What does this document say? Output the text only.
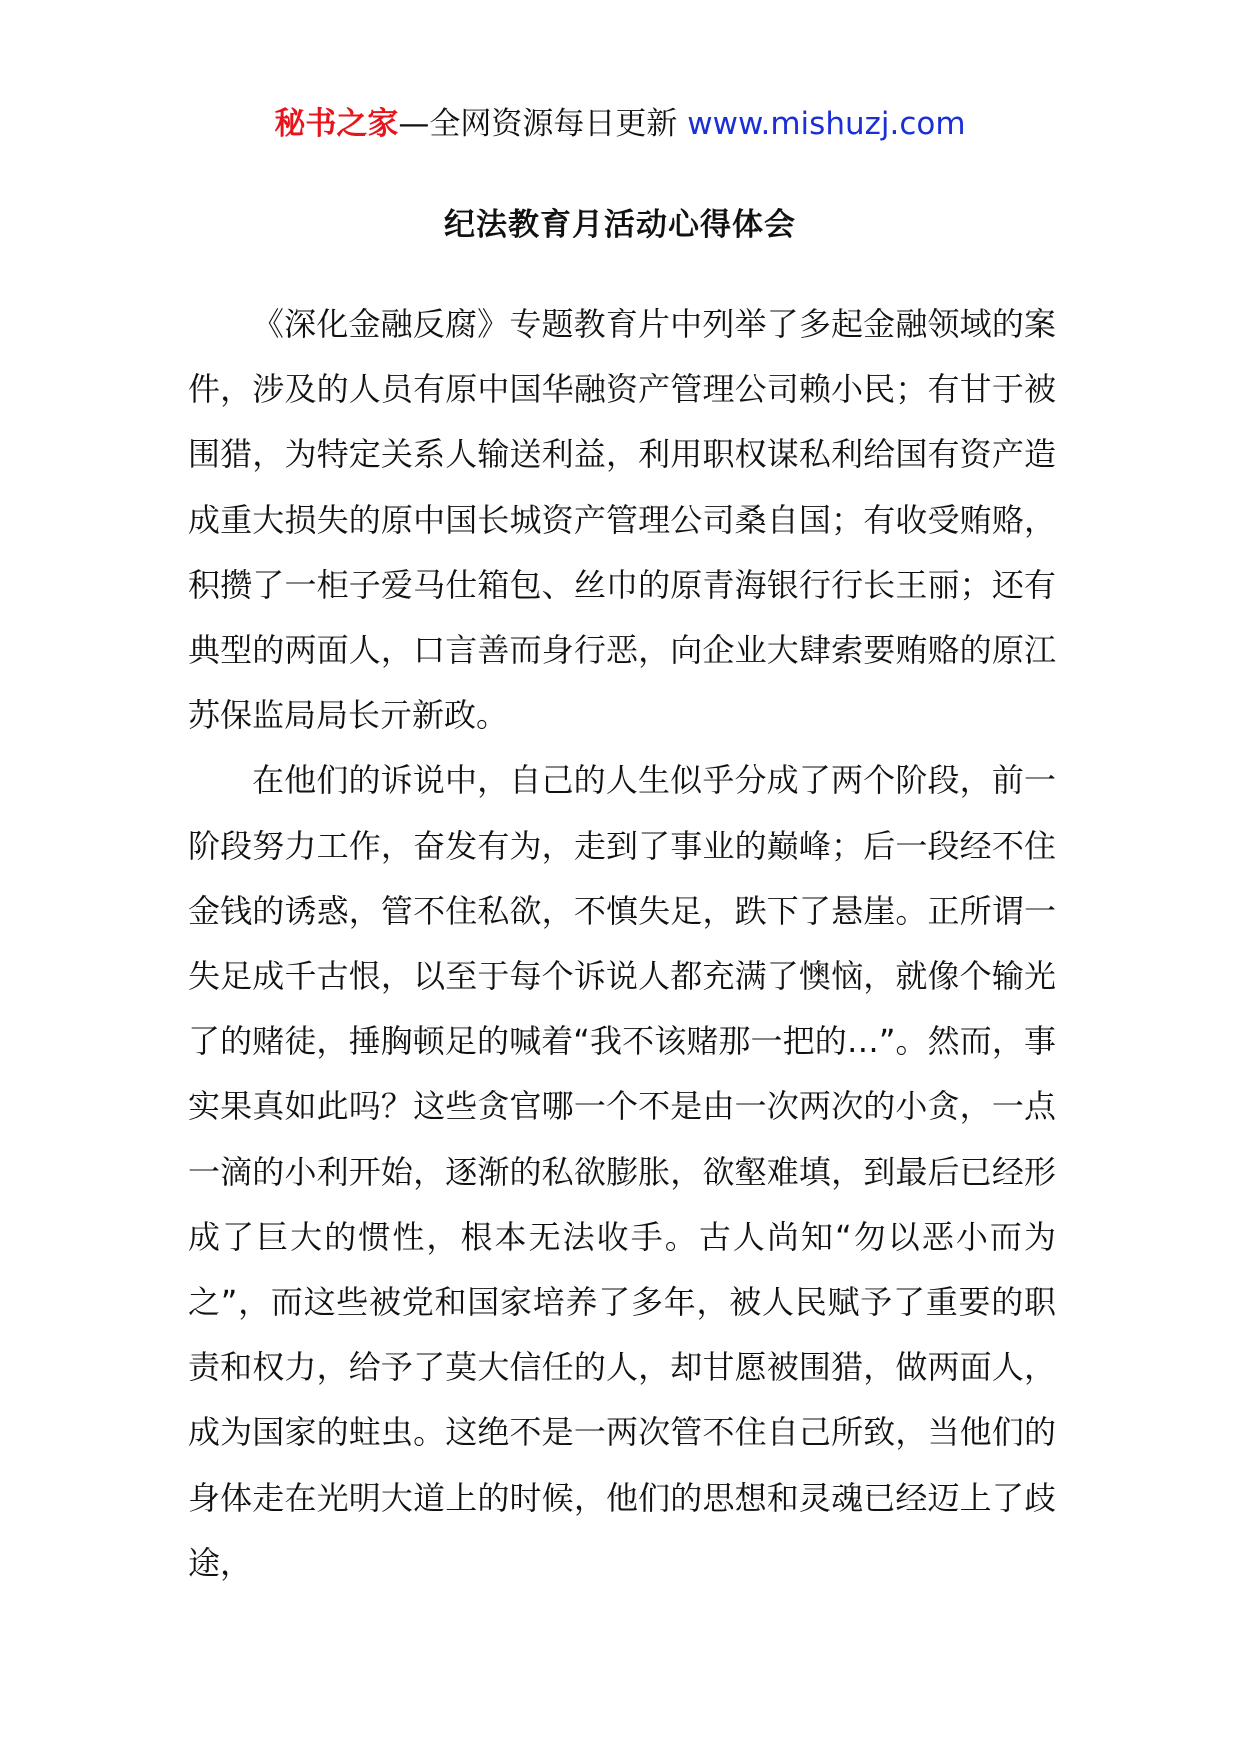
秘书之家—全网资源每日更新 www.mishuzj.com
纪法教育月活动心得体会

《深化金融反腐》专题教育片中列举了多起金融领域的案件，涉及的人员有原中国华融资产管理公司赖小民；有甘于被围猎，为特定关系人输送利益，利用职权谋私利给国有资产造成重大损失的原中国长城资产管理公司桑自国；有收受贿赂，积攒了一柜子爱马仕箱包、丝巾的原青海银行行长王丽；还有典型的两面人，口言善而身行恶，向企业大肆索要贿赂的原江苏保监局局长亓新政。

在他们的诉说中，自己的人生似乎分成了两个阶段，前一阶段努力工作，奋发有为，走到了事业的巅峰；后一段经不住金钱的诱惑，管不住私欲，不慎失足，跌下了悬崖。正所谓一失足成千古恨，以至于每个诉说人都充满了懊恼，就像个输光了的赌徒，捶胸顿足的喊着“我不该赌那一把的…”。然而，事实果真如此吗？这些贪官哪一个不是由一次两次的小贪，一点一滴的小利开始，逐渐的私欲膨胀，欲壑难填，到最后已经形成了巨大的惯性，根本无法收手。古人尚知“勿以恶小而为之”，而这些被党和国家培养了多年，被人民赋予了重要的职责和权力，给予了莫大信任的人，却甘愿被围猎，做两面人，成为国家的蛀虫。这绝不是一两次管不住自己所致，当他们的身体走在光明大道上的时候，他们的思想和灵魂已经迈上了歧途，
